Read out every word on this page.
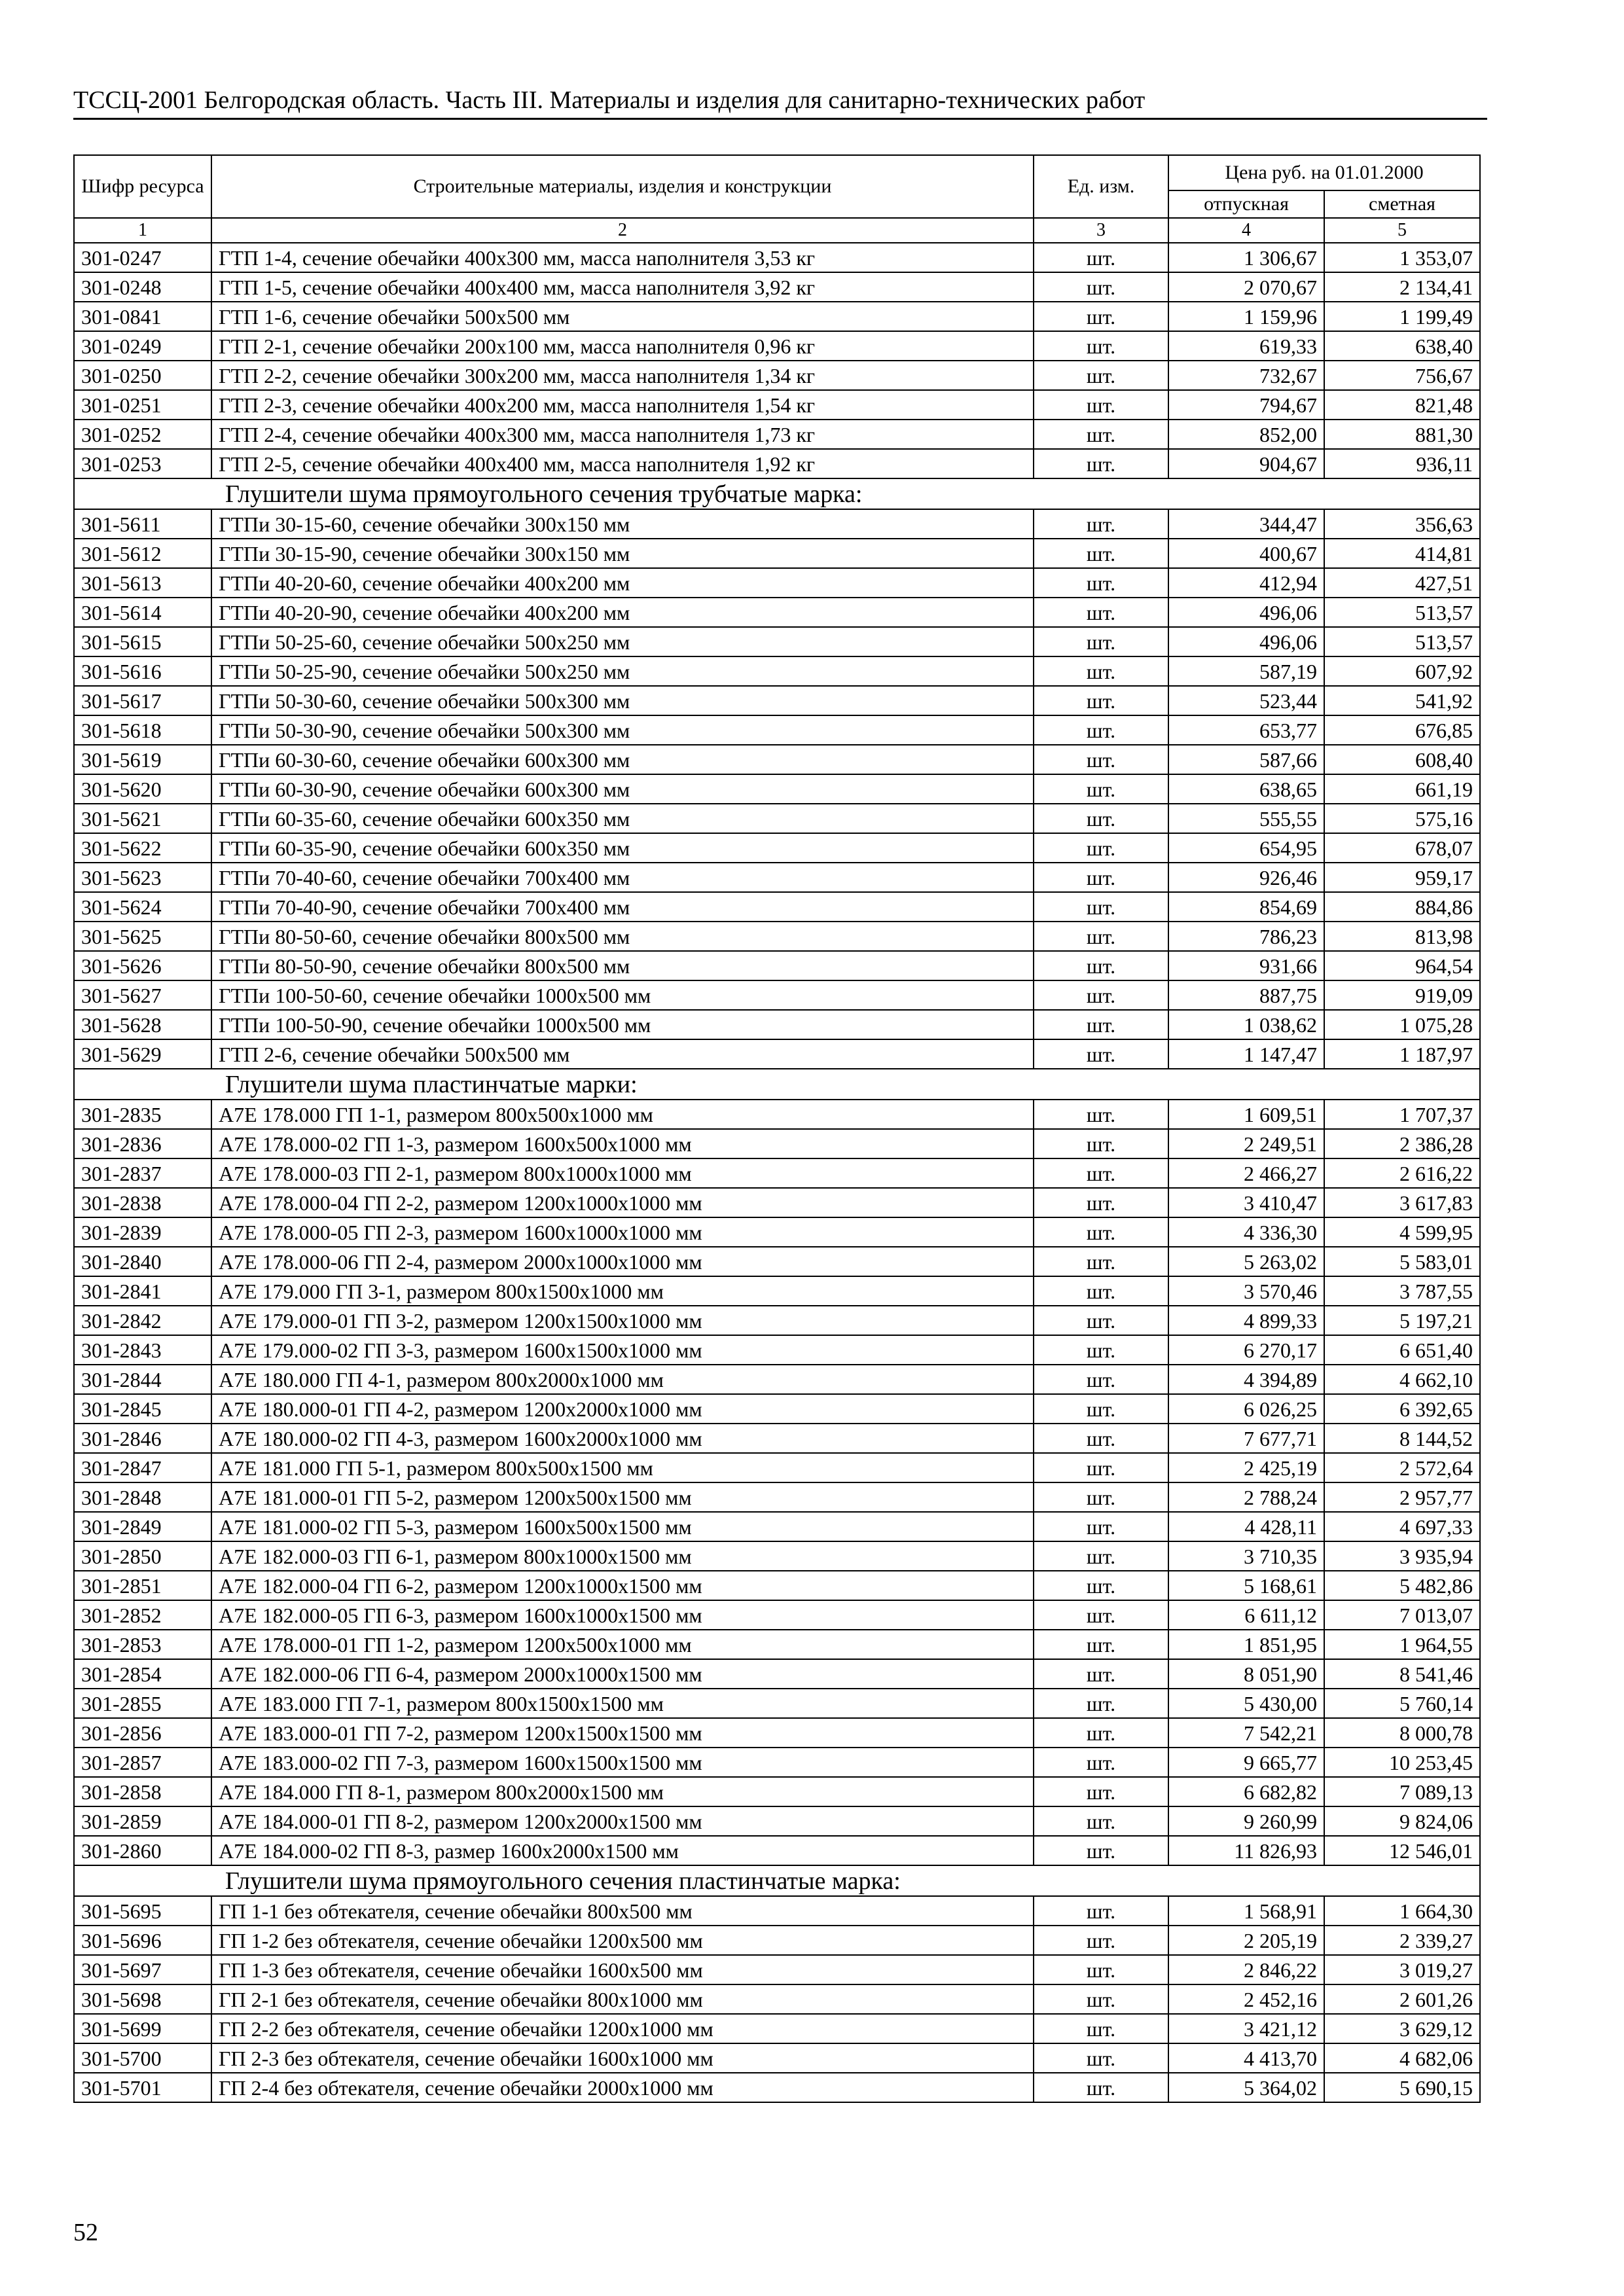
ТССЦ-2001 Белгородская область. Часть III. Материалы и изделия для санитарно-технических работ
Шифр ресурса	Строительные материалы, изделия и конструкции	Ед. изм.	Цена руб. на 01.01.2000	
			отпускная	сметная
1	2	3	4	5
301-0247	ГТП 1-4, сечение обечайки 400x300 мм, масса наполнителя 3,53 кг	шт.	1 306,67	1 353,07
301-0248	ГТП 1-5, сечение обечайки 400x400 мм, масса наполнителя 3,92 кг	шт.	2 070,67	2 134,41
301-0841	ГТП 1-6, сечение обечайки 500x500 мм	шт.	1 159,96	1 199,49
301-0249	ГТП 2-1, сечение обечайки 200x100 мм, масса наполнителя 0,96 кг	шт.	619,33	638,40
301-0250	ГТП 2-2, сечение обечайки 300x200 мм, масса наполнителя 1,34 кг	шт.	732,67	756,67
301-0251	ГТП 2-3, сечение обечайки 400x200 мм, масса наполнителя 1,54 кг	шт.	794,67	821,48
301-0252	ГТП 2-4, сечение обечайки 400x300 мм, масса наполнителя 1,73 кг	шт.	852,00	881,30
301-0253	ГТП 2-5, сечение обечайки 400x400 мм, масса наполнителя 1,92 кг	шт.	904,67	936,11
Глушители шума прямоугольного сечения трубчатые марка:				
301-5611	ГТПи 30-15-60, сечение обечайки 300x150 мм	шт.	344,47	356,63
301-5612	ГТПи 30-15-90, сечение обечайки 300x150 мм	шт.	400,67	414,81
301-5613	ГТПи 40-20-60, сечение обечайки 400x200 мм	шт.	412,94	427,51
301-5614	ГТПи 40-20-90, сечение обечайки 400x200 мм	шт.	496,06	513,57
301-5615	ГТПи 50-25-60, сечение обечайки 500x250 мм	шт.	496,06	513,57
301-5616	ГТПи 50-25-90, сечение обечайки 500x250 мм	шт.	587,19	607,92
301-5617	ГТПи 50-30-60, сечение обечайки 500x300 мм	шт.	523,44	541,92
301-5618	ГТПи 50-30-90, сечение обечайки 500x300 мм	шт.	653,77	676,85
301-5619	ГТПи 60-30-60, сечение обечайки 600x300 мм	шт.	587,66	608,40
301-5620	ГТПи 60-30-90, сечение обечайки 600x300 мм	шт.	638,65	661,19
301-5621	ГТПи 60-35-60, сечение обечайки 600x350 мм	шт.	555,55	575,16
301-5622	ГТПи 60-35-90, сечение обечайки 600x350 мм	шт.	654,95	678,07
301-5623	ГТПи 70-40-60, сечение обечайки 700x400 мм	шт.	926,46	959,17
301-5624	ГТПи 70-40-90, сечение обечайки 700x400 мм	шт.	854,69	884,86
301-5625	ГТПи 80-50-60, сечение обечайки 800x500 мм	шт.	786,23	813,98
301-5626	ГТПи 80-50-90, сечение обечайки 800x500 мм	шт.	931,66	964,54
301-5627	ГТПи 100-50-60, сечение обечайки 1000x500 мм	шт.	887,75	919,09
301-5628	ГТПи 100-50-90, сечение обечайки 1000x500 мм	шт.	1 038,62	1 075,28
301-5629	ГТП 2-6, сечение обечайки 500x500 мм	шт.	1 147,47	1 187,97
Глушители шума пластинчатые марки:				
301-2835	А7Е 178.000 ГП 1-1, размером 800x500x1000 мм	шт.	1 609,51	1 707,37
301-2836	А7Е 178.000-02 ГП 1-3, размером 1600x500x1000 мм	шт.	2 249,51	2 386,28
301-2837	А7Е 178.000-03 ГП 2-1, размером 800x1000x1000 мм	шт.	2 466,27	2 616,22
301-2838	А7Е 178.000-04 ГП 2-2, размером 1200x1000x1000 мм	шт.	3 410,47	3 617,83
301-2839	А7Е 178.000-05 ГП 2-3, размером 1600x1000x1000 мм	шт.	4 336,30	4 599,95
301-2840	А7Е 178.000-06 ГП 2-4, размером 2000x1000x1000 мм	шт.	5 263,02	5 583,01
301-2841	А7Е 179.000 ГП 3-1, размером 800x1500x1000 мм	шт.	3 570,46	3 787,55
301-2842	А7Е 179.000-01 ГП 3-2, размером 1200x1500x1000 мм	шт.	4 899,33	5 197,21
301-2843	А7Е 179.000-02 ГП 3-3, размером 1600x1500x1000 мм	шт.	6 270,17	6 651,40
301-2844	А7Е 180.000 ГП 4-1, размером 800x2000x1000 мм	шт.	4 394,89	4 662,10
301-2845	А7Е 180.000-01 ГП 4-2, размером 1200x2000x1000 мм	шт.	6 026,25	6 392,65
301-2846	А7Е 180.000-02 ГП 4-3, размером 1600x2000x1000 мм	шт.	7 677,71	8 144,52
301-2847	А7Е 181.000 ГП 5-1, размером 800x500x1500 мм	шт.	2 425,19	2 572,64
301-2848	А7Е 181.000-01 ГП 5-2, размером 1200x500x1500 мм	шт.	2 788,24	2 957,77
301-2849	А7Е 181.000-02 ГП 5-3, размером 1600x500x1500 мм	шт.	4 428,11	4 697,33
301-2850	А7Е 182.000-03 ГП 6-1, размером 800x1000x1500 мм	шт.	3 710,35	3 935,94
301-2851	А7Е 182.000-04 ГП 6-2, размером 1200x1000x1500 мм	шт.	5 168,61	5 482,86
301-2852	А7Е 182.000-05 ГП 6-3, размером 1600x1000x1500 мм	шт.	6 611,12	7 013,07
301-2853	А7Е 178.000-01 ГП 1-2, размером 1200x500x1000 мм	шт.	1 851,95	1 964,55
301-2854	А7Е 182.000-06 ГП 6-4, размером 2000x1000x1500 мм	шт.	8 051,90	8 541,46
301-2855	А7Е 183.000 ГП 7-1, размером 800x1500x1500 мм	шт.	5 430,00	5 760,14
301-2856	А7Е 183.000-01 ГП 7-2, размером 1200x1500x1500 мм	шт.	7 542,21	8 000,78
301-2857	А7Е 183.000-02 ГП 7-3, размером 1600x1500x1500 мм	шт.	9 665,77	10 253,45
301-2858	А7Е 184.000 ГП 8-1, размером 800x2000x1500 мм	шт.	6 682,82	7 089,13
301-2859	А7Е 184.000-01 ГП 8-2, размером 1200x2000x1500 мм	шт.	9 260,99	9 824,06
301-2860	А7Е 184.000-02 ГП 8-3, размер 1600x2000x1500 мм	шт.	11 826,93	12 546,01
Глушители шума прямоугольного сечения пластинчатые марка:				
301-5695	ГП 1-1 без обтекателя, сечение обечайки 800x500 мм	шт.	1 568,91	1 664,30
301-5696	ГП 1-2 без обтекателя, сечение обечайки 1200x500 мм	шт.	2 205,19	2 339,27
301-5697	ГП 1-3 без обтекателя, сечение обечайки 1600x500 мм	шт.	2 846,22	3 019,27
301-5698	ГП 2-1 без обтекателя, сечение обечайки 800x1000 мм	шт.	2 452,16	2 601,26
301-5699	ГП 2-2 без обтекателя, сечение обечайки 1200x1000 мм	шт.	3 421,12	3 629,12
301-5700	ГП 2-3 без обтекателя, сечение обечайки 1600x1000 мм	шт.	4 413,70	4 682,06
301-5701	ГП 2-4 без обтекателя, сечение обечайки 2000x1000 мм	шт.	5 364,02	5 690,15
52
